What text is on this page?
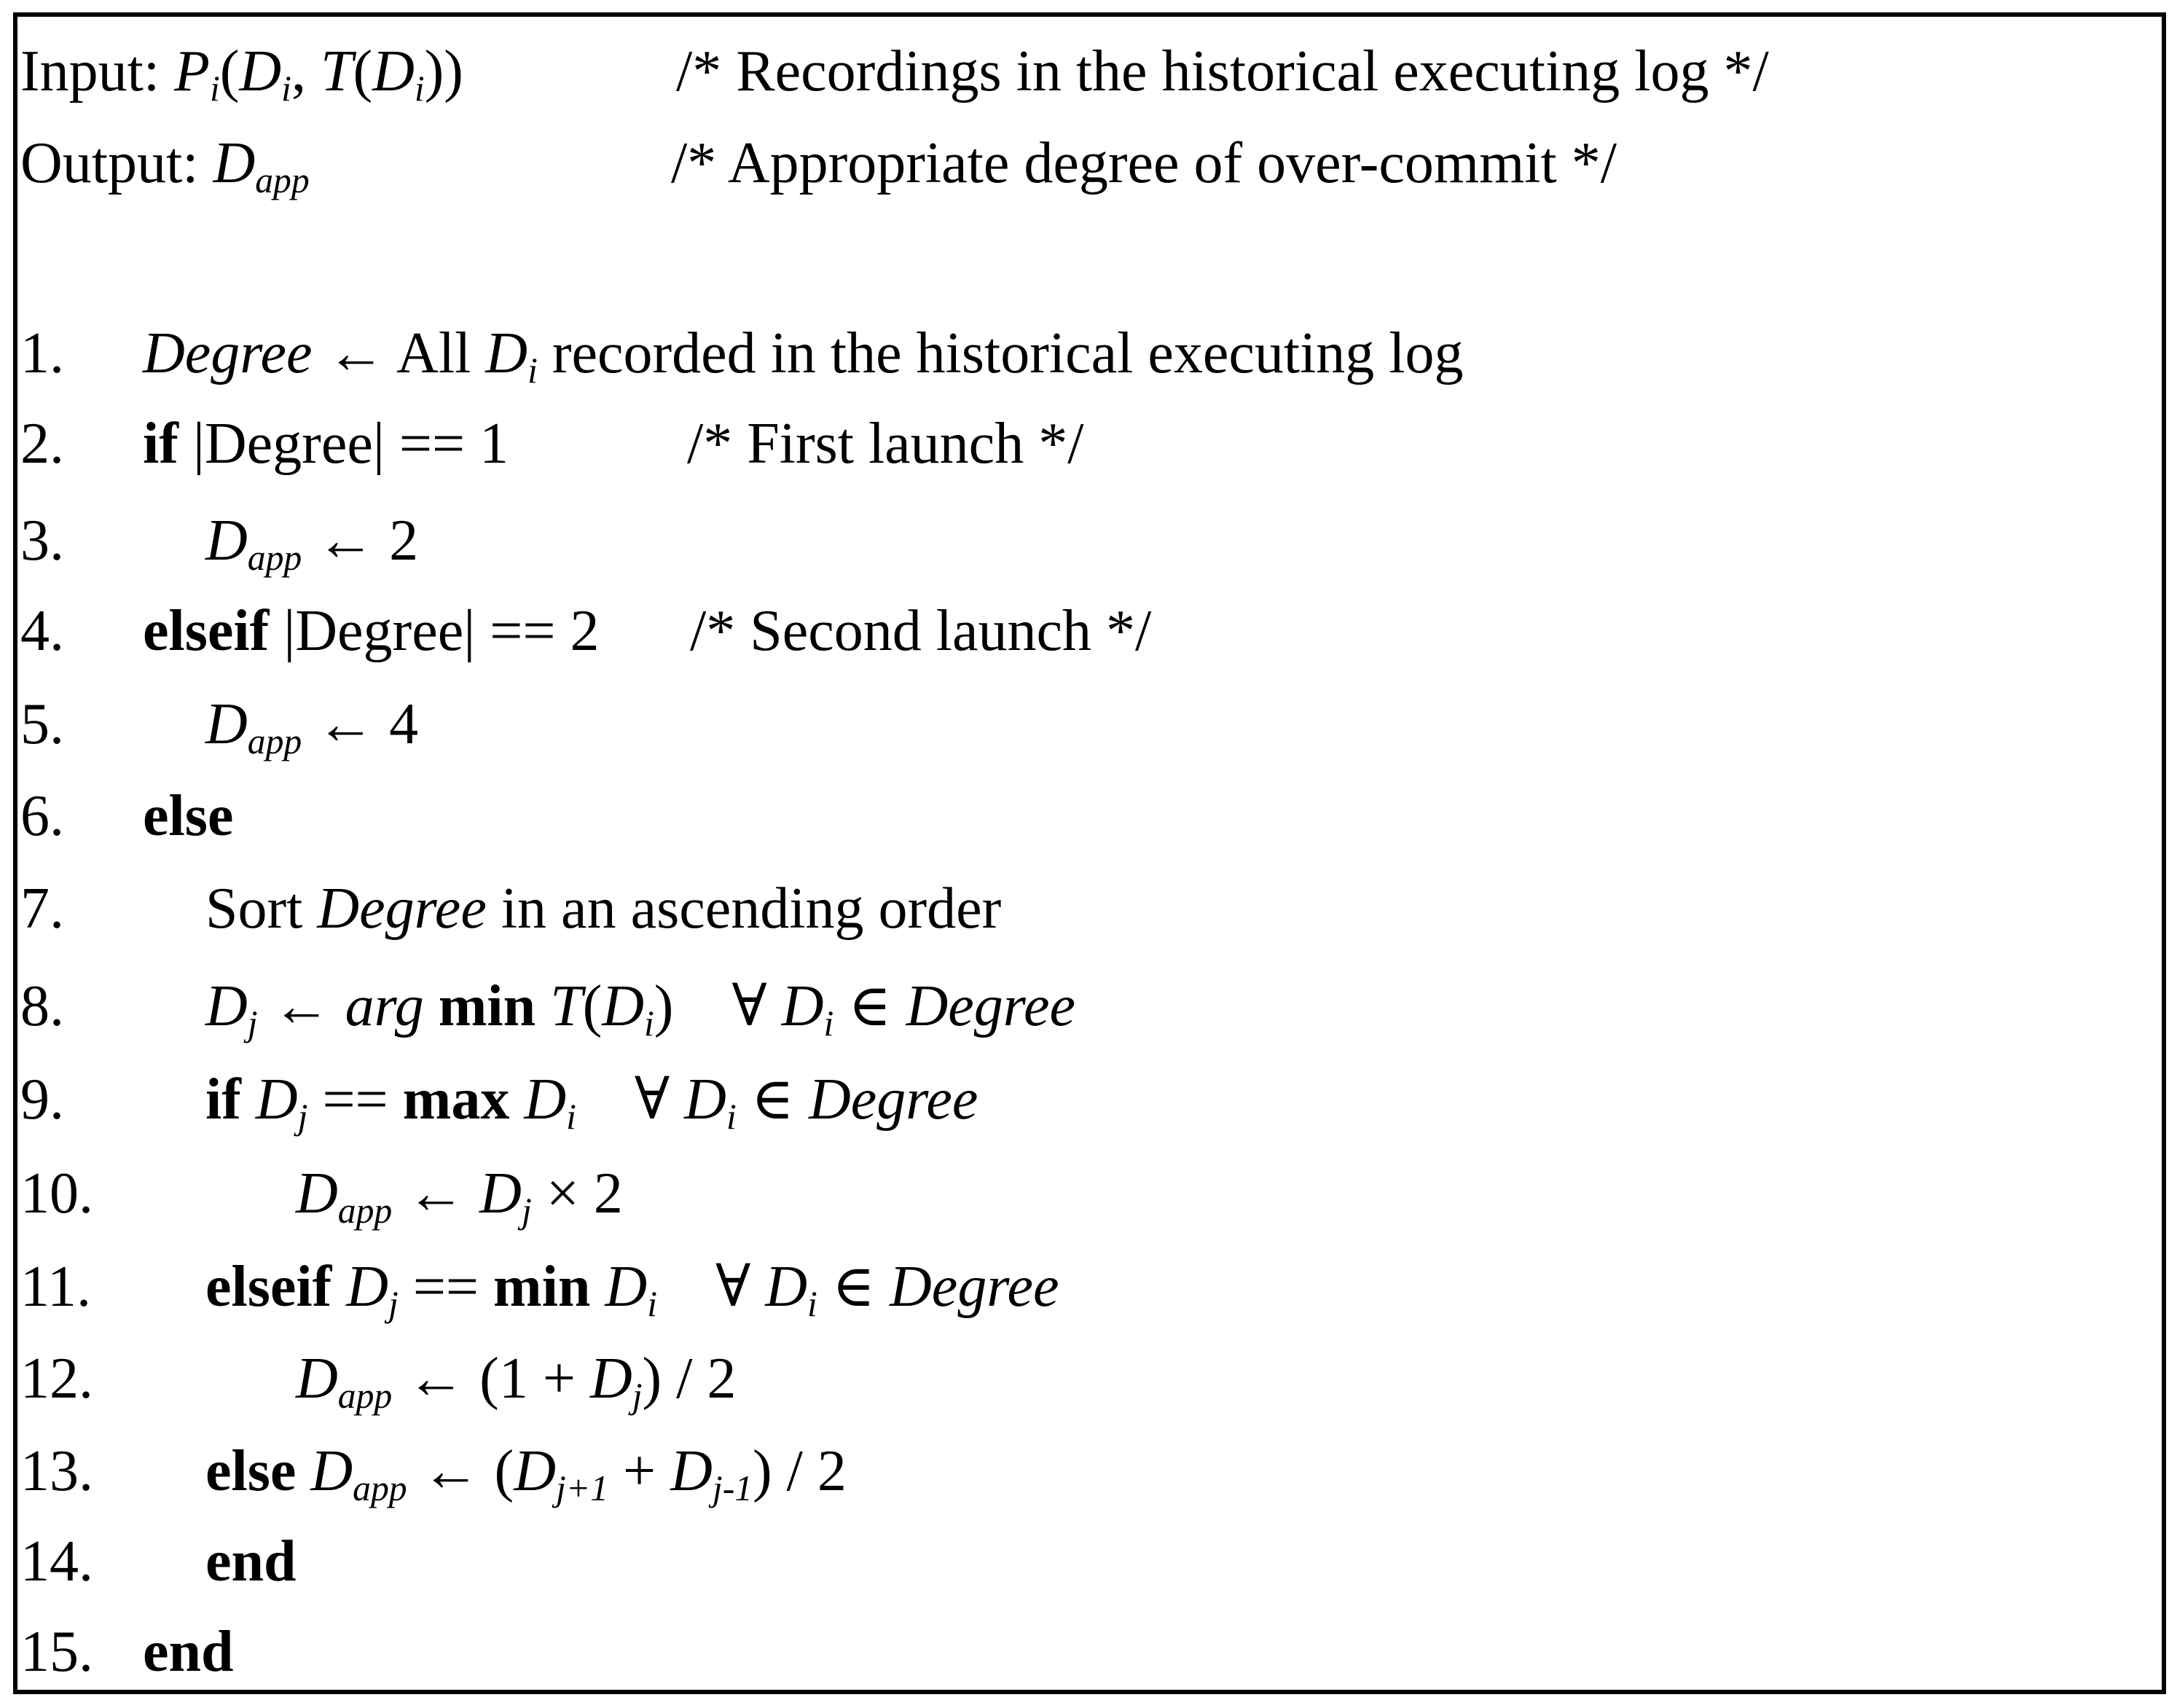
Input: $P_i(D_i$, $T(D_i)$)	/* Recordings in the historical executing log */
Output: $D_{app}$	/* Appropriate degree of over-commit */
1. Degree ← All $D_i$ recorded in the historical executing log
2. if |Degree| == 1	/* First launch */
3. $D_{app}$ ← 2
4. elseif |Degree| == 2 /* Second launch */
5. $D_{app}$ ← 4
6. else
7. Sort Degree in an ascending order
8. $D_j$ ← arg $\min T(D_i)$    ∀ $D_i$ ∈ Degree
9. if $D_j == \max D_i$ ∀ $D_i$ ∈ Degree
10.	$D_{app}$ ← $D_j \times 2$
11. elseif $D_j == \min D_i$ ∀ $D_i$ ∈ Degree
12.	$D_{app}$ ← $(1 + D_j) / 2$
13. else $D_{app}$ ← $(D_{j+1} + D_{j-1}) / 2$
14. end
15. end
